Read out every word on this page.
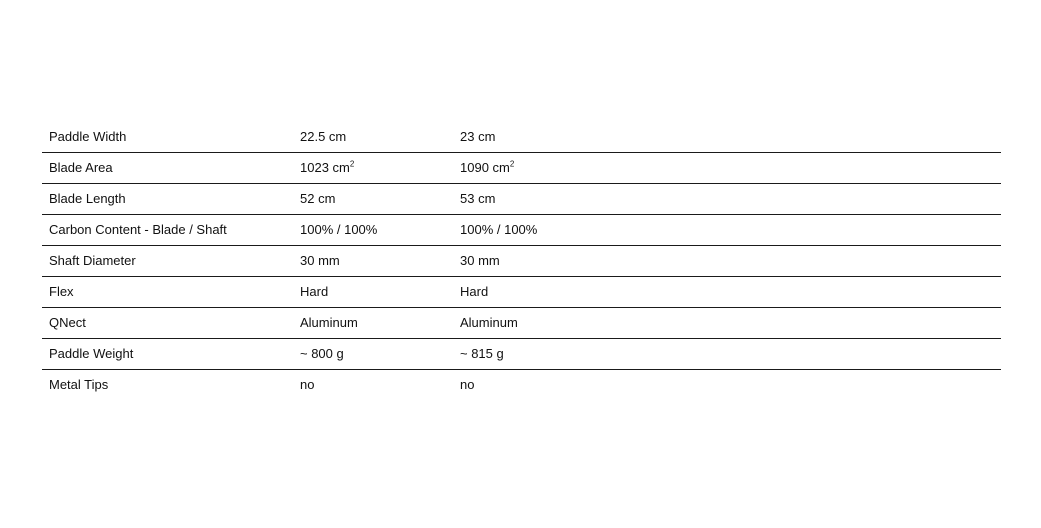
Paddle Width	22.5 cm	23 cm
Blade Area	1023 $cm^2$	1090 $cm^2$
Blade Length	52 cm	53 cm
Carbon Content - Blade / Shaft	100% / 100%	100% / 100%
Shaft Diameter	30 mm	30 mm
Flex	Hard	Hard
QNect	Aluminum	Aluminum
Paddle Weight	~ 800 g	~ 815 g
Metal Tips	no	no
